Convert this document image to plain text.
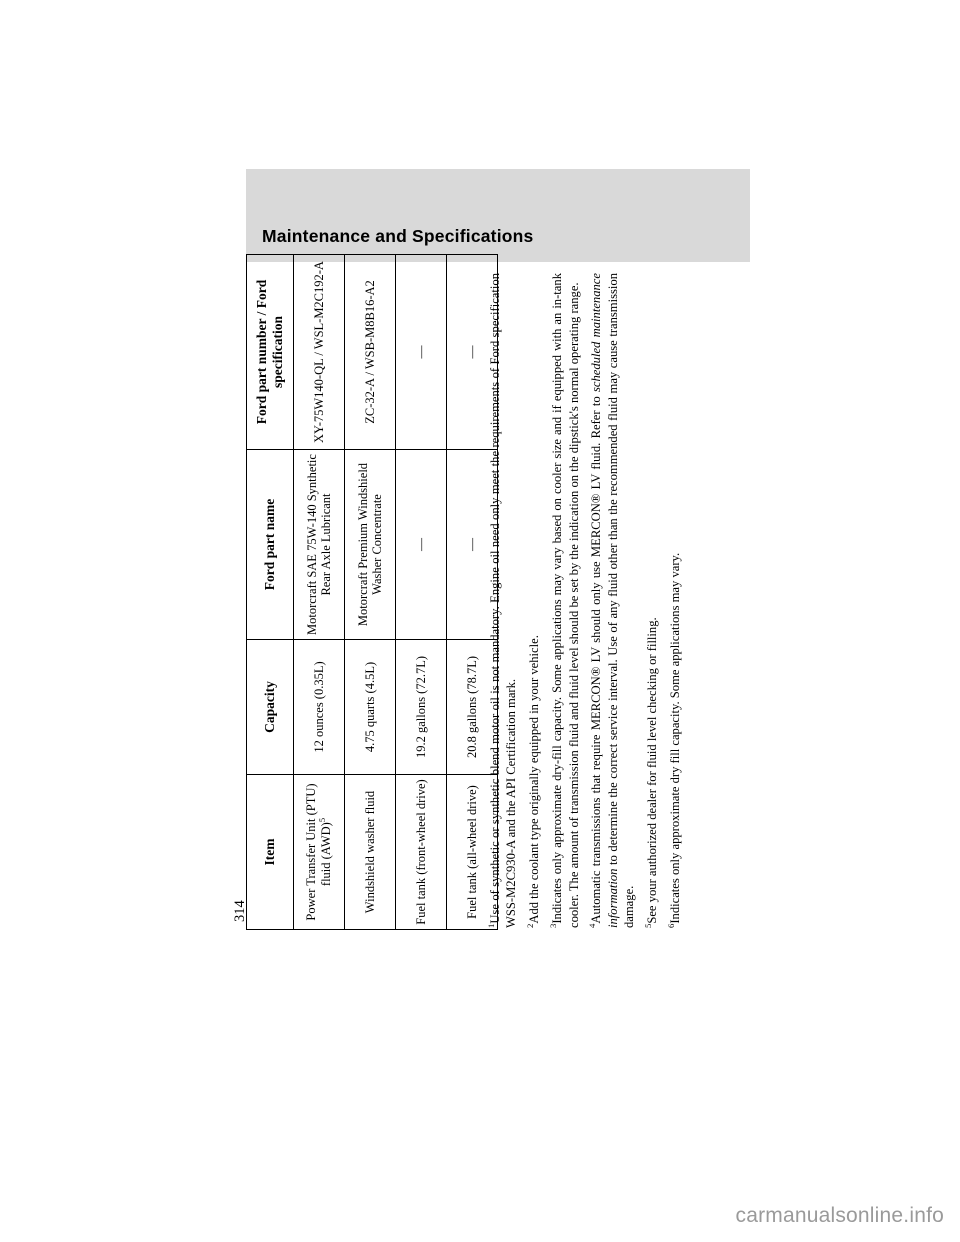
Maintenance and Specifications
Item	Capacity	Ford part name	Ford part number / Ford specification
Power Transfer Unit (PTU) fluid (AWD)$^5$	12 ounces (0.35L)	Motorcraft SAE 75W-140 Synthetic Rear Axle Lubricant	XY-75W140-QL / WSL-M2C192-A
Windshield washer fluid	4.75 quarts (4.5L)	Motorcraft Premium Windshield Washer Concentrate	ZC-32-A / WSB-M8B16-A2
Fuel tank (front-wheel drive)	19.2 gallons (72.7L)	—	—
Fuel tank (all-wheel drive)	20.8 gallons (78.7L)	—	—

$^1$Use of synthetic or synthetic blend motor oil is not mandatory. Engine oil need only meet the requirements of Ford specification WSS-M2C930-A and the API Certification mark. $^2$Add the coolant type originally equipped in your vehicle.

$^3$Indicates only approximate dry-fill capacity. Some applications may vary based on cooler size and if equipped with an in-tank cooler. The amount of transmission fluid and fluid level should be set by the indication on the dipstick's normal operating range. $^4$Automatic transmissions that require MERCON® LV should only use MERCON® LV fluid. Refer to scheduled maintenance information to determine the correct service interval. Use of any fluid other than the recommended fluid may cause transmission damage. $^5$See your authorized dealer for fluid level checking or filling.

$^6$Indicates only approximate dry fill capacity. Some applications may vary.

314
carmanualsonline.info
